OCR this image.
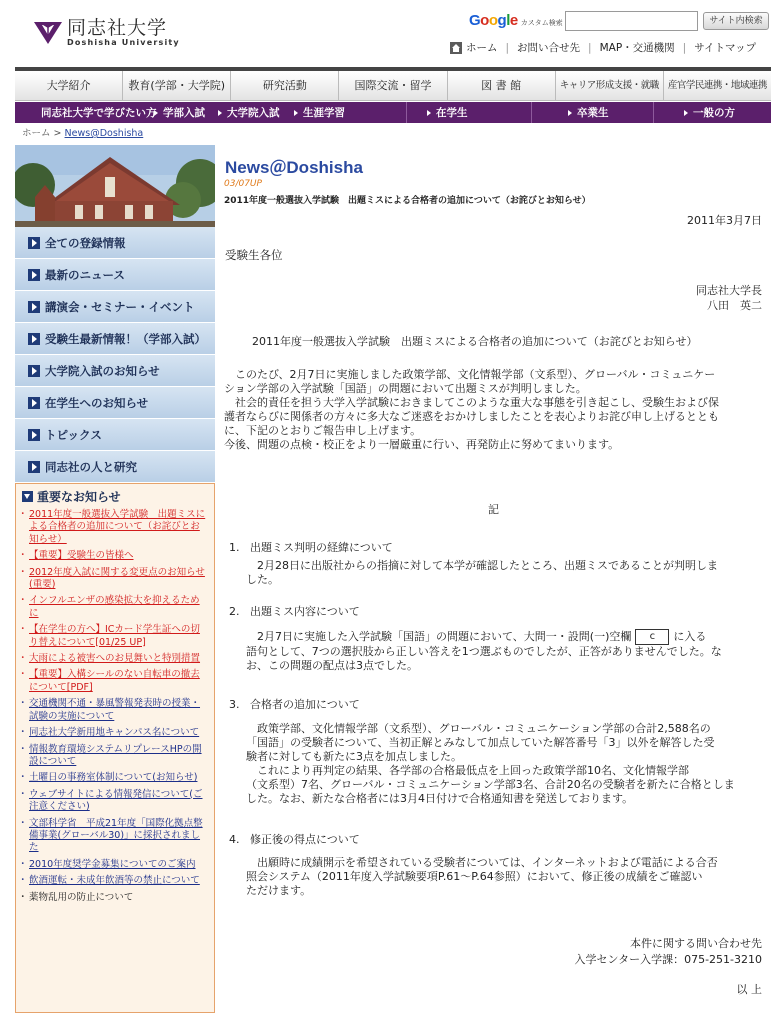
同志社大学
Doshisha University
Google カスタム検索	サイト内検索
ホーム | お問い合せ先 | MAP・交通機関 | サイトマップ
大学紹介	教育(学部・大学院)	研究活動	国際交流・留学	図 書 館	キャリア形成支援・就職 産官学民連携・地域連携
同志社大学で学びたい方 学部入試 大学院入試 生涯学習	在学生	卒業生	一般の方
ホーム > News@Doshisha
全ての登録情報
最新のニュース
講演会・セミナー・イベント
受験生最新情報！（学部入試）
大学院入試のお知らせ
在学生へのお知らせ
トピックス
同志社の人と研究
重要なお知らせ
・ 2011年度一般選抜入学試験　出題ミスによる合格者の追加について（お詫びとお知らせ）
・ 【重要】受験生の皆様へ
・ 2012年度入試に関する変更点のお知らせ(重要)
・ インフルエンザの感染拡大を抑えるために
・ 【在学生の方へ】ICカード学生証への切り替えについて[01/25 UP]
・ 大雨による被害へのお見舞いと特別措置
・ 【重要】入構シールのない自転車の撤去について[PDF]
・ 交通機関不通・暴風警報発表時の授業・試験の実施について
・ 同志社大学新用地キャンパス名について
・ 情報教育環境システムリプレースHPの開設について
・ 土曜日の事務室体制について(お知らせ)
・ ウェブサイトによる情報発信について(ご注意ください)
・ 文部科学省　平成21年度「国際化拠点整備事業(グローバル30)」に採択されました
・ 2010年度奨学金募集についてのご案内
・ 飲酒運転・未成年飲酒等の禁止について
・ 薬物乱用の防止について
News＠Doshisha
03/07UP
2011年度一般選抜入学試験　出題ミスによる合格者の追加について（お詫びとお知らせ）
2011年3月7日
受験生各位
同志社大学長
八田　英二
2011年度一般選抜入学試験　出題ミスによる合格者の追加について（お詫びとお知らせ）
　このたび、2月7日に実施しました政策学部、文化情報学部（文系型）、グローバル・コミュニケー
ション学部の入学試験「国語」の問題において出題ミスが判明しました。
　社会的責任を担う大学入学試験におきましてこのような重大な事態を引き起こし、受験生および保
護者ならびに関係者の方々に多大なご迷惑をおかけしましたことを表心よりお詫び申し上げるととも
に、下記のとおりご報告申し上げます。
今後、問題の点検・校正をより一層厳重に行い、再発防止に努めてまいります。
記
1. 出題ミス判明の経緯について
　2月28日に出版社からの指摘に対して本学が確認したところ、出題ミスであることが判明しま
した。
2. 出題ミス内容について
　2月7日に実施した入学試験「国語」の問題において、大問一・設問(一)空欄 c に入る
語句として、7つの選択肢から正しい答えを1つ選ぶものでしたが、正答がありませんでした。な
お、この問題の配点は3点でした。
3. 合格者の追加について
　政策学部、文化情報学部（文系型）、グローバル・コミュニケーション学部の合計2,588名の
「国語」の受験者について、当初正解とみなして加点していた解答番号「3」以外を解答した受
験者に対しても新たに3点を加点しました。
　これにより再判定の結果、各学部の合格最低点を上回った政策学部10名、文化情報学部
（文系型）7名、グローバル・コミュニケーション学部3名、合計20名の受験者を新たに合格としま
した。なお、新たな合格者には3月4日付けで合格通知書を発送しております。
4. 修正後の得点について
　出願時に成績開示を希望されている受験者については、インターネットおよび電話による合否
照会システム（2011年度入学試験要項P.61～P.64参照）において、修正後の成績をご確認い
ただけます。
本件に関する問い合わせ先
入学センター入学課：075-251-3210
以 上
